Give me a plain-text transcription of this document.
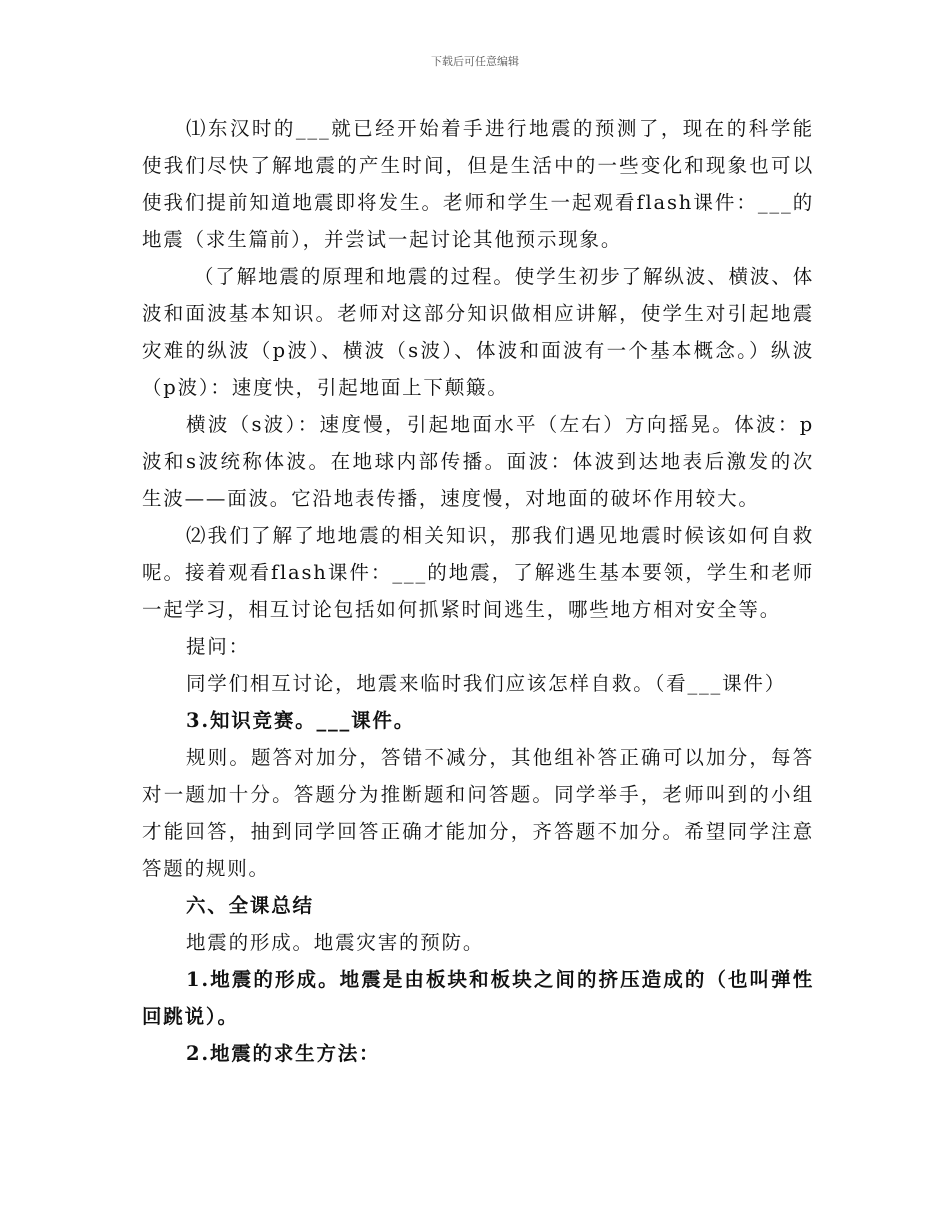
下载后可任意编辑

⑴东汉时的___就已经开始着手进行地震的预测了，现在的科学能使我们尽快了解地震的产生时间，但是生活中的一些变化和现象也可以使我们提前知道地震即将发生。老师和学生一起观看flash课件：___的地震（求生篇前），并尝试一起讨论其他预示现象。

（了解地震的原理和地震的过程。使学生初步了解纵波、横波、体波和面波基本知识。老师对这部分知识做相应讲解，使学生对引起地震灾难的纵波（p波）、横波（s波）、体波和面波有一个基本概念。）纵波（p波）：速度快，引起地面上下颠簸。

横波（s波）：速度慢，引起地面水平（左右）方向摇晃。体波：p波和s波统称体波。在地球内部传播。面波：体波到达地表后激发的次生波——面波。它沿地表传播，速度慢，对地面的破坏作用较大。

⑵我们了解了地地震的相关知识，那我们遇见地震时候该如何自救呢。接着观看flash课件：___的地震，了解逃生基本要领，学生和老师一起学习，相互讨论包括如何抓紧时间逃生，哪些地方相对安全等。

提问：

同学们相互讨论，地震来临时我们应该怎样自救。（看___课件）

3.知识竞赛。___课件。

规则。题答对加分，答错不减分，其他组补答正确可以加分，每答对一题加十分。答题分为推断题和问答题。同学举手，老师叫到的小组才能回答，抽到同学回答正确才能加分，齐答题不加分。希望同学注意答题的规则。

六、全课总结

地震的形成。地震灾害的预防。

1.地震的形成。地震是由板块和板块之间的挤压造成的（也叫弹性回跳说）。

2.地震的求生方法：
